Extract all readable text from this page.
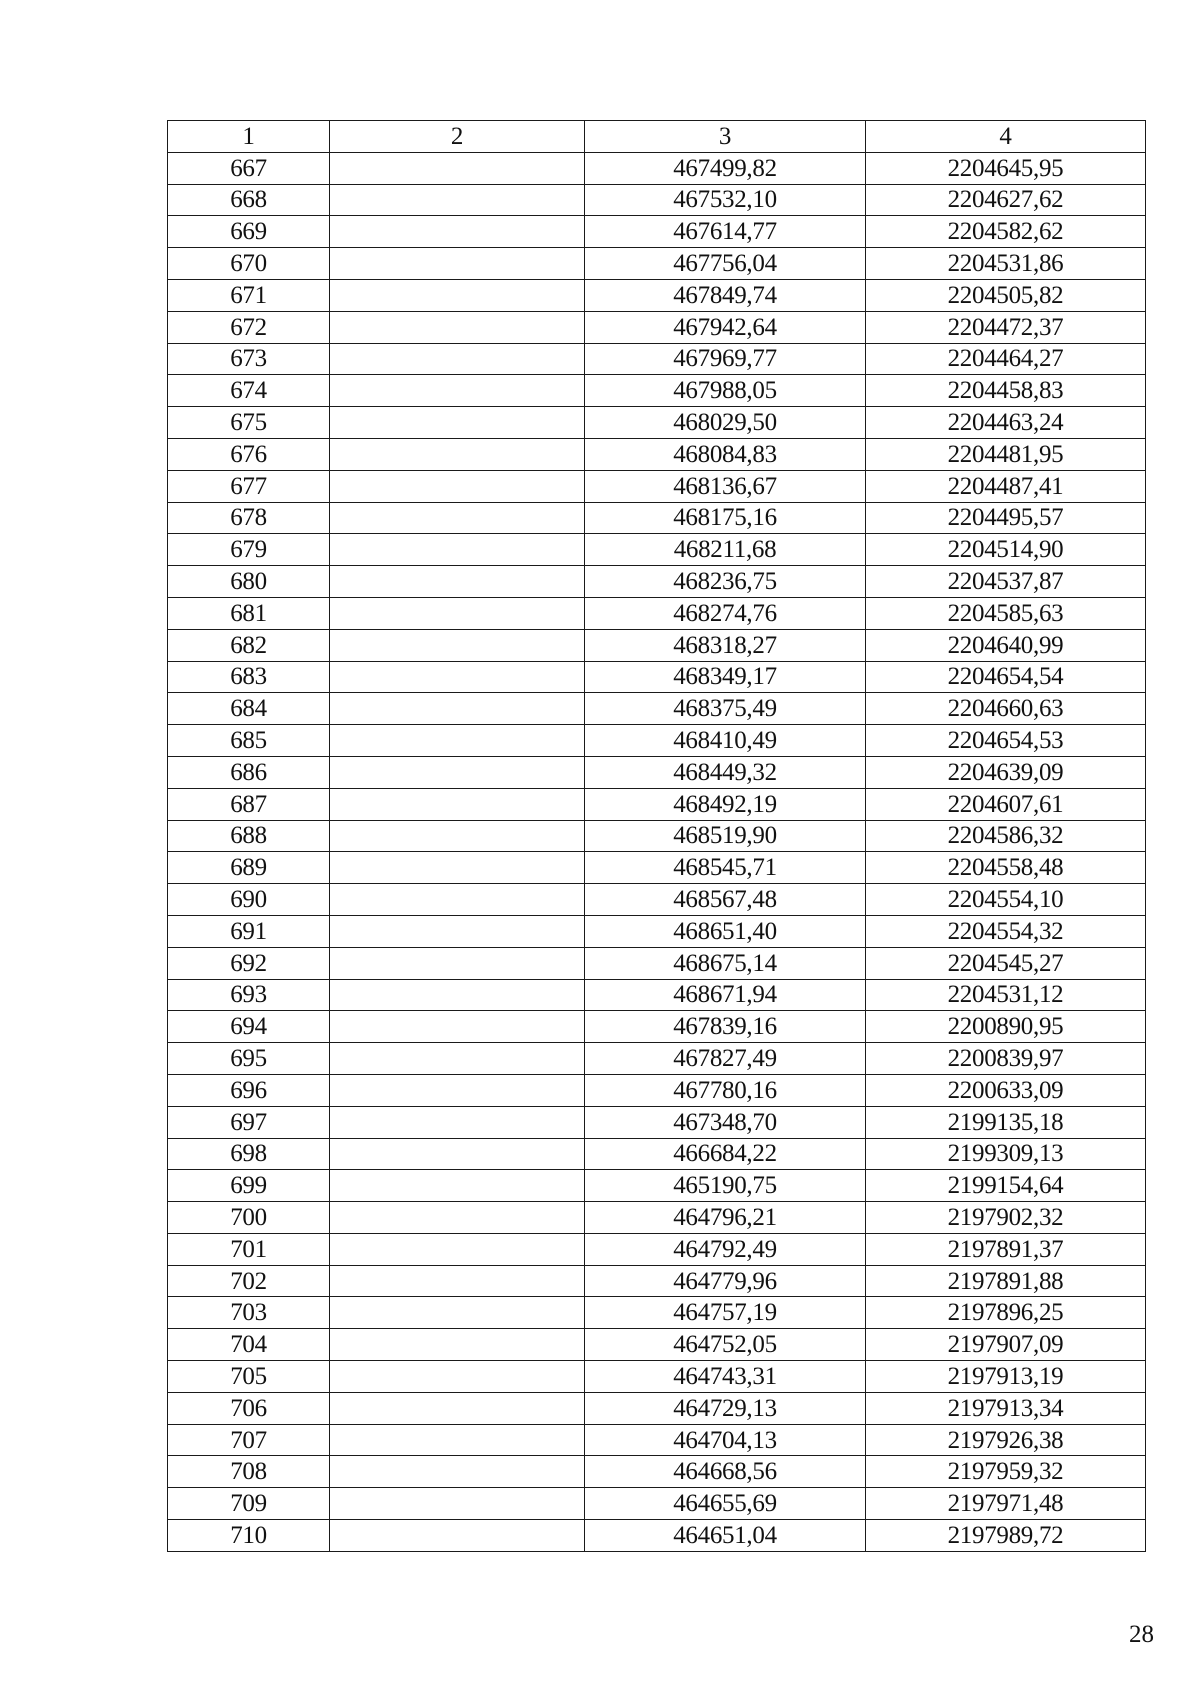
1	2	3	4
667		467499,82	2204645,95
668		467532,10	2204627,62
669		467614,77	2204582,62
670		467756,04	2204531,86
671		467849,74	2204505,82
672		467942,64	2204472,37
673		467969,77	2204464,27
674		467988,05	2204458,83
675		468029,50	2204463,24
676		468084,83	2204481,95
677		468136,67	2204487,41
678		468175,16	2204495,57
679		468211,68	2204514,90
680		468236,75	2204537,87
681		468274,76	2204585,63
682		468318,27	2204640,99
683		468349,17	2204654,54
684		468375,49	2204660,63
685		468410,49	2204654,53
686		468449,32	2204639,09
687		468492,19	2204607,61
688		468519,90	2204586,32
689		468545,71	2204558,48
690		468567,48	2204554,10
691		468651,40	2204554,32
692		468675,14	2204545,27
693		468671,94	2204531,12
694		467839,16	2200890,95
695		467827,49	2200839,97
696		467780,16	2200633,09
697		467348,70	2199135,18
698		466684,22	2199309,13
699		465190,75	2199154,64
700		464796,21	2197902,32
701		464792,49	2197891,37
702		464779,96	2197891,88
703		464757,19	2197896,25
704		464752,05	2197907,09
705		464743,31	2197913,19
706		464729,13	2197913,34
707		464704,13	2197926,38
708		464668,56	2197959,32
709		464655,69	2197971,48
710		464651,04	2197989,72
28
